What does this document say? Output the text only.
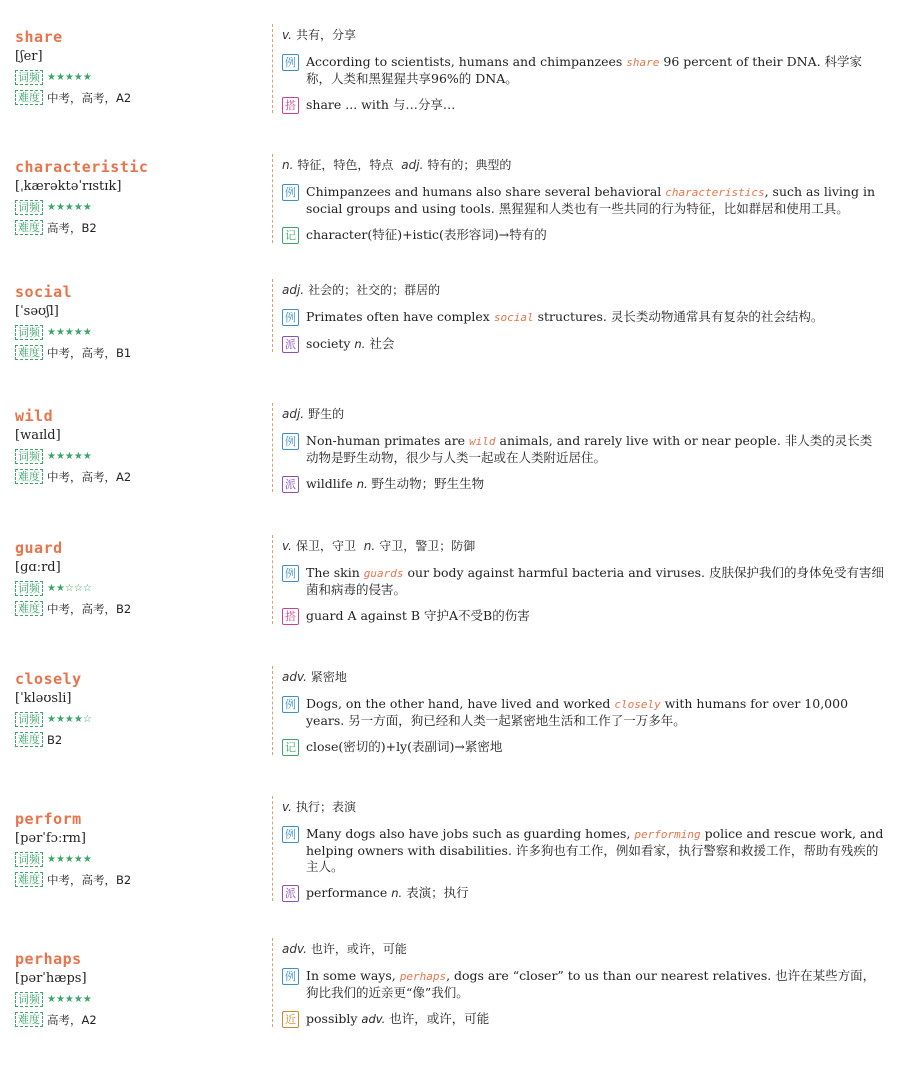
share
[ʃer]
词频 ★★★★★
难度 中考，高考，A2
v. 共有，分享
例 According to scientists, humans and chimpanzees share 96 percent of their DNA. 科学家称，人类和黑猩猩共享96%的 DNA。
搭 share ... with 与…分享…
characteristic
[ˌkærəktəˈrɪstɪk]
词频 ★★★★★
难度 高考，B2
n. 特征，特色，特点 adj. 特有的；典型的
例 Chimpanzees and humans also share several behavioral characteristics, such as living in social groups and using tools. 黑猩猩和人类也有一些共同的行为特征，比如群居和使用工具。
记 character(特征)+istic(表形容词)→特有的
social
[ˈsəʊʃl]
词频 ★★★★★
难度 中考，高考，B1
adj. 社会的；社交的；群居的
例 Primates often have complex social structures. 灵长类动物通常具有复杂的社会结构。
派 society n. 社会
wild
[waɪld]
词频 ★★★★★
难度 中考，高考，A2
adj. 野生的
例 Non-human primates are wild animals, and rarely live with or near people. 非人类的灵长类动物是野生动物，很少与人类一起或在人类附近居住。
派 wildlife n. 野生动物；野生生物
guard
[ɡɑːrd]
词频 ★★☆☆☆
难度 中考，高考，B2
v. 保卫，守卫 n. 守卫，警卫；防御
例 The skin guards our body against harmful bacteria and viruses. 皮肤保护我们的身体免受有害细菌和病毒的侵害。
搭 guard A against B 守护A不受B的伤害
closely
[ˈkləʊsli]
词频 ★★★★☆
难度 B2
adv. 紧密地
例 Dogs, on the other hand, have lived and worked closely with humans for over 10,000 years. 另一方面，狗已经和人类一起紧密地生活和工作了一万多年。
记 close(密切的)+ly(表副词)→紧密地
perform
[pərˈfɔːrm]
词频 ★★★★★
难度 中考，高考，B2
v. 执行；表演
例 Many dogs also have jobs such as guarding homes, performing police and rescue work, and helping owners with disabilities. 许多狗也有工作，例如看家，执行警察和救援工作，帮助有残疾的主人。
派 performance n. 表演；执行
perhaps
[pərˈhæps]
词频 ★★★★★
难度 高考，A2
adv. 也许，或许，可能
例 In some ways, perhaps, dogs are “closer” to us than our nearest relatives. 也许在某些方面，狗比我们的近亲更“像”我们。
近 possibly adv. 也许，或许，可能
